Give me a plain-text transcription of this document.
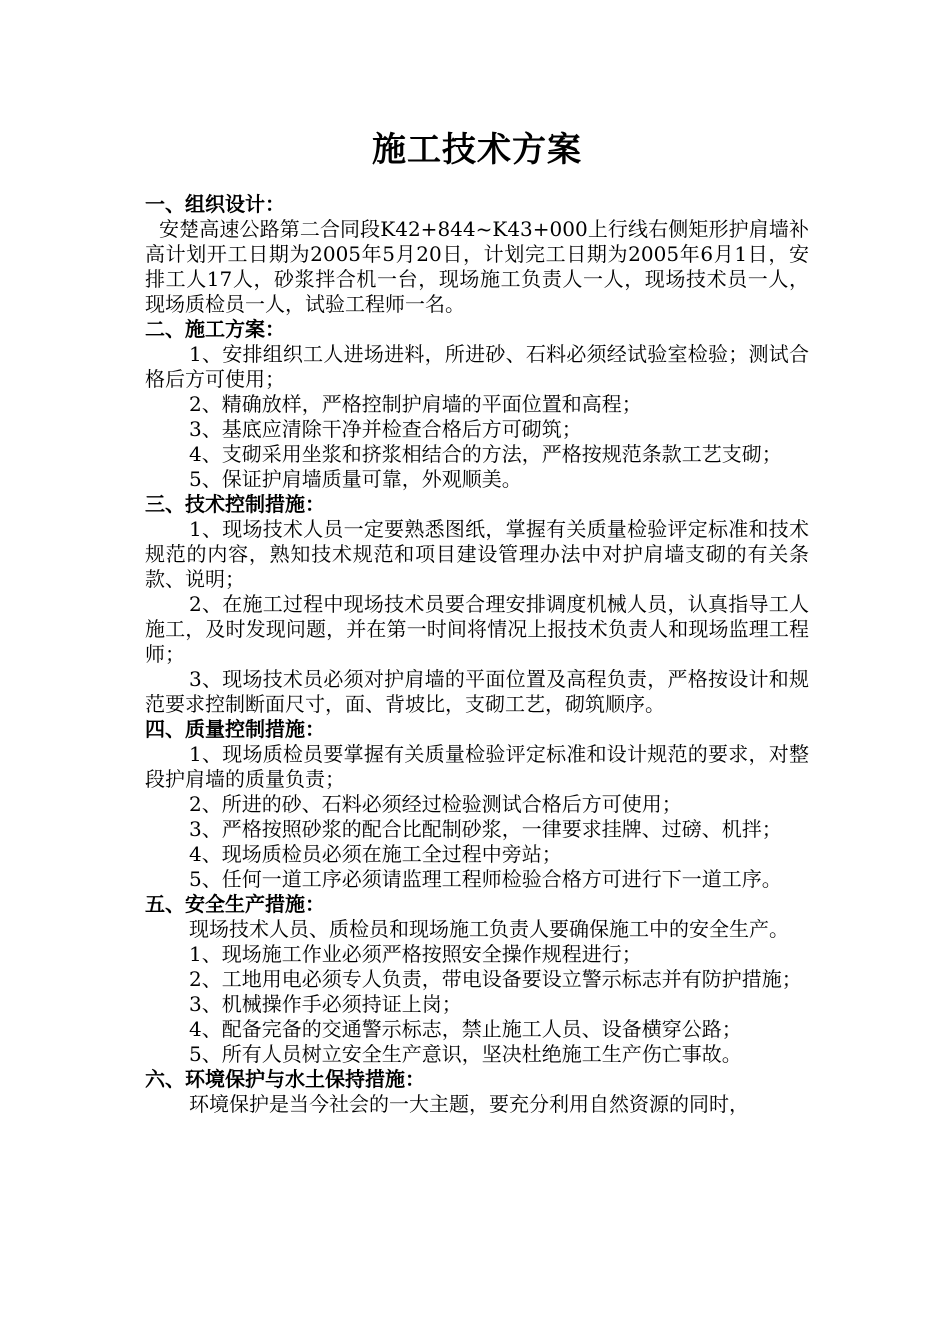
施工技术方案
一、组织设计：

安楚高速公路第二合同段K42+844~K43+000上行线右侧矩形护肩墙补高计划开工日期为2005年5月20日，计划完工日期为2005年6月1日，安排工人17人，砂浆拌合机一台，现场施工负责人一人，现场技术员一人，现场质检员一人，试验工程师一名。

二、施工方案：

1、安排组织工人进场进料，所进砂、石料必须经试验室检验；测试合格后方可使用；

2、精确放样，严格控制护肩墙的平面位置和高程；

3、基底应清除干净并检查合格后方可砌筑；

4、支砌采用坐浆和挤浆相结合的方法，严格按规范条款工艺支砌；

5、保证护肩墙质量可靠，外观顺美。

三、技术控制措施：

1、现场技术人员一定要熟悉图纸，掌握有关质量检验评定标准和技术规范的内容，熟知技术规范和项目建设管理办法中对护肩墙支砌的有关条款、说明；

2、在施工过程中现场技术员要合理安排调度机械人员，认真指导工人施工，及时发现问题，并在第一时间将情况上报技术负责人和现场监理工程师；

3、现场技术员必须对护肩墙的平面位置及高程负责，严格按设计和规范要求控制断面尺寸，面、背坡比，支砌工艺，砌筑顺序。

四、质量控制措施：

1、现场质检员要掌握有关质量检验评定标准和设计规范的要求，对整段护肩墙的质量负责；

2、所进的砂、石料必须经过检验测试合格后方可使用；

3、严格按照砂浆的配合比配制砂浆，一律要求挂牌、过磅、机拌；

4、现场质检员必须在施工全过程中旁站；

5、任何一道工序必须请监理工程师检验合格方可进行下一道工序。

五、安全生产措施：

现场技术人员、质检员和现场施工负责人要确保施工中的安全生产。

1、现场施工作业必须严格按照安全操作规程进行；

2、工地用电必须专人负责，带电设备要设立警示标志并有防护措施；

3、机械操作手必须持证上岗；

4、配备完备的交通警示标志，禁止施工人员、设备横穿公路；

5、所有人员树立安全生产意识，坚决杜绝施工生产伤亡事故。

六、环境保护与水土保持措施：

环境保护是当今社会的一大主题，要充分利用自然资源的同时，
